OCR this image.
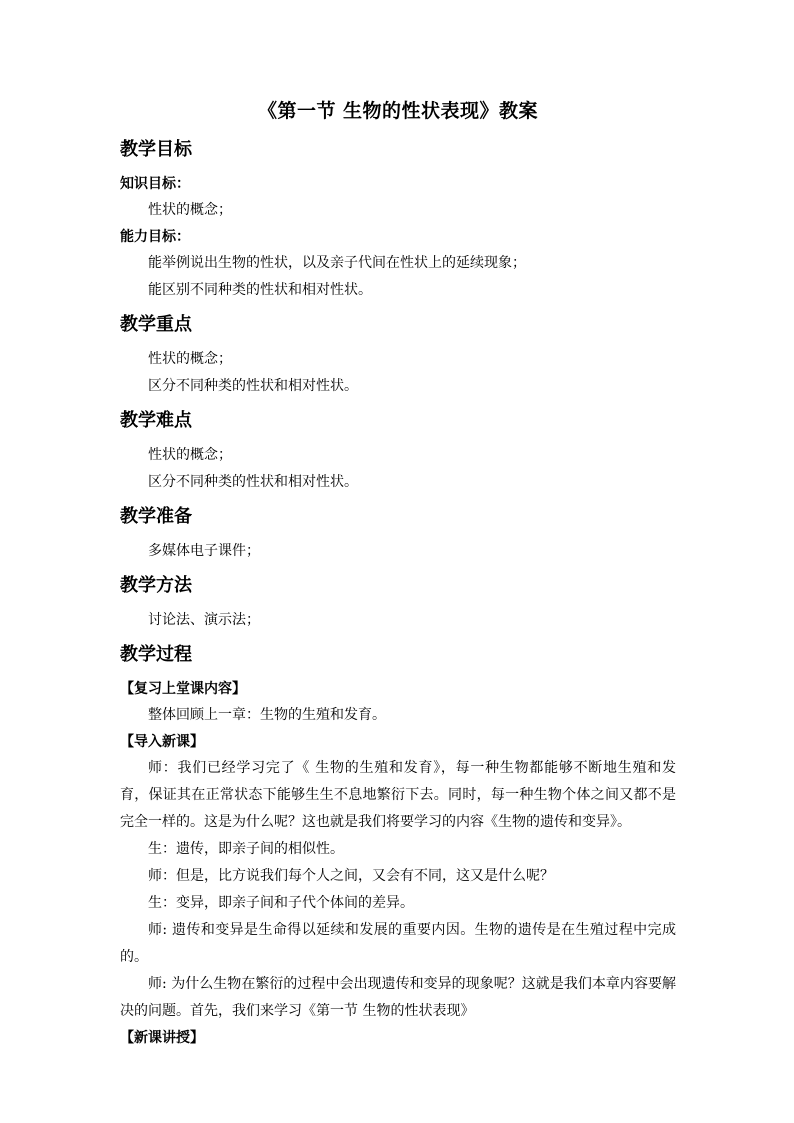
《第一节 生物的性状表现》教案
教学目标
知识目标：
性状的概念；
能力目标：
能举例说出生物的性状，以及亲子代间在性状上的延续现象；
能区别不同种类的性状和相对性状。
教学重点
性状的概念；
区分不同种类的性状和相对性状。
教学难点
性状的概念；
区分不同种类的性状和相对性状。
教学准备
多媒体电子课件；
教学方法
讨论法、演示法；
教学过程
【复习上堂课内容】
整体回顾上一章：生物的生殖和发育。
【导入新课】
师：我们已经学习完了《 生物的生殖和发育》，每一种生物都能够不断地生殖和发育，保证其在正常状态下能够生生不息地繁衍下去。同时，每一种生物个体之间又都不是完全一样的。这是为什么呢？这也就是我们将要学习的内容《生物的遗传和变异》。
生：遗传，即亲子间的相似性。
师：但是，比方说我们每个人之间，又会有不同，这又是什么呢？
生：变异，即亲子间和子代个体间的差异。
师: 遗传和变异是生命得以延续和发展的重要内因。生物的遗传是在生殖过程中完成的。
师: 为什么生物在繁衍的过程中会出现遗传和变异的现象呢？这就是我们本章内容要解决的问题。首先，我们来学习《第一节 生物的性状表现》
【新课讲授】
